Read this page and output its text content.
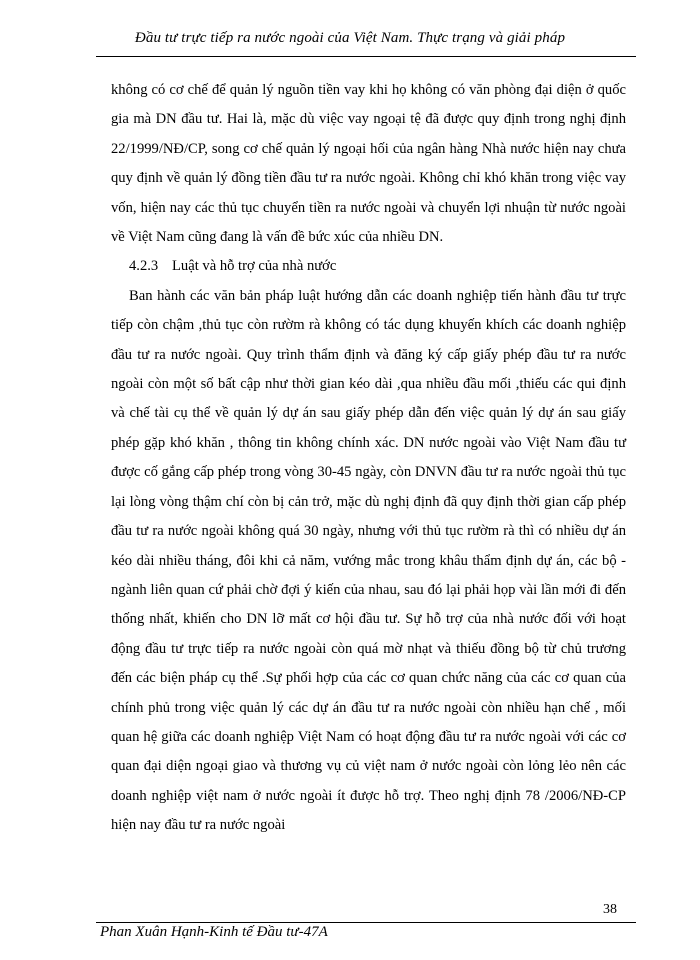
Đầu tư trực tiếp ra nước ngoài của Việt Nam. Thực trạng và giải pháp

không có cơ chế để quản lý nguồn tiền vay khi họ không có văn phòng đại diện ở quốc gia mà DN đầu tư. Hai là, mặc dù việc vay ngoại tệ đã được quy định trong nghị định 22/1999/NĐ/CP, song cơ chế quản lý ngoại hối của ngân hàng Nhà nước hiện nay chưa quy định về quản lý đồng tiền đầu tư ra nước ngoài. Không chỉ khó khăn trong việc vay vốn, hiện nay các thủ tục chuyển tiền ra nước ngoài và chuyển lợi nhuận từ nước ngoài về Việt Nam cũng đang là vấn đề bức xúc của nhiều DN.

4.2.3 Luật và hỗ trợ của nhà nước

Ban hành các văn bản pháp luật hướng dẫn các doanh nghiệp tiến hành đầu tư trực tiếp còn chậm ,thủ tục còn rườm rà không có tác dụng khuyến khích các doanh nghiệp đầu tư ra nước ngoài. Quy trình thẩm định và đăng ký cấp giấy phép đầu tư ra nước ngoài còn một số bất cập như thời gian kéo dài ,qua nhiều đầu mối ,thiếu các qui định và chế tài cụ thể về quản lý dự án sau giấy phép dẫn đến việc quản lý dự án sau giấy phép gặp khó khăn , thông tin không chính xác. DN nước ngoài vào Việt Nam đầu tư được cố gắng cấp phép trong vòng 30-45 ngày, còn DNVN đầu tư ra nước ngoài thủ tục lại lòng vòng thậm chí còn bị cản trở, mặc dù nghị định đã quy định thời gian cấp phép đầu tư ra nước ngoài không quá 30 ngày, nhưng với thủ tục rườm rà thì có nhiều dự án kéo dài nhiều tháng, đôi khi cả năm, vướng mắc trong khâu thẩm định dự án, các bộ - ngành liên quan cứ phải chờ đợi ý kiến của nhau, sau đó lại phải họp vài lần mới đi đến thống nhất, khiến cho DN lỡ mất cơ hội đầu tư. Sự hỗ trợ của nhà nước đối với hoạt động đầu tư trực tiếp ra nước ngoài còn quá mờ nhạt và thiếu đồng bộ từ chủ trương đến các biện pháp cụ thể .Sự phối hợp của các cơ quan chức năng của các cơ quan của chính phủ trong việc quản lý các dự án đầu tư ra nước ngoài còn nhiều hạn chế , mối quan hệ giữa các doanh nghiệp Việt Nam có hoạt động đầu tư ra nước ngoài với các cơ quan đại diện ngoại giao và thương vụ củ việt nam ở nước ngoài còn lỏng lẻo nên các doanh nghiệp việt nam ở nước ngoài ít được hỗ trợ. Theo nghị định 78 /2006/NĐ-CP hiện nay đầu tư ra nước ngoài

38
Phan Xuân Hạnh-Kinh tế Đầu tư-47A
